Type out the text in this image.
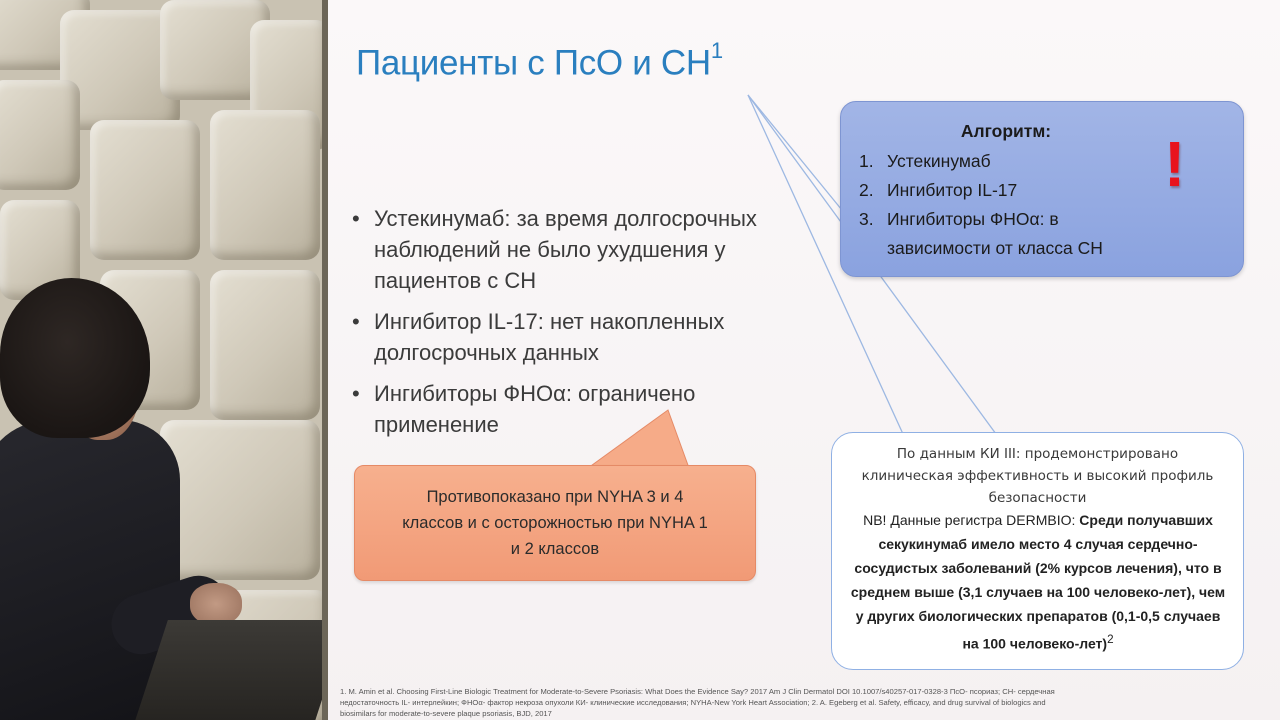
Пациенты с ПсО и $СН^1$
• Устекинумаб: за время долгосрочных наблюдений не было ухудшения у пациентов с СН
• Ингибитор IL-17: нет накопленных долгосрочных данных
• Ингибиторы ФНОα: ограничено применение
Противопоказано при NYHA 3 и 4
классов и с осторожностью при NYHA 1
и 2 классов
Алгоритм:
1. Устекинумаб
2. Ингибитор IL-17
3. Ингибиторы ФНОα: в
зависимости от класса СН
!
По данным КИ III: продемонстрировано
клиническая эффективность и высокий профиль
безопасности
NB! Данные регистра DERMBIO: Среди получавших секукинумаб имело место 4 случая сердечно-сосудистых заболеваний (2% курсов лечения), что в среднем выше (3,1 случаев на 100 человеко-лет), чем у других биологических препаратов (0,1-0,5 случаев на 100 человеко-лет)$^2$
1. M. Amin et al. Choosing First-Line Biologic Treatment for Moderate-to-Severe Psoriasis: What Does the Evidence Say? 2017 Am J Clin Dermatol DOI 10.1007/s40257-017-0328-3 ПсО- псориаз; СН- сердечная
недостаточность IL- интерлейкин; ФНОα- фактор некроза опухоли КИ- клинические исследования; NYHA-New York Heart Association; 2. A. Egeberg et al. Safety, efficacy, and drug survival of biologics and
biosimilars for moderate-to-severe plaque psoriasis, BJD, 2017
